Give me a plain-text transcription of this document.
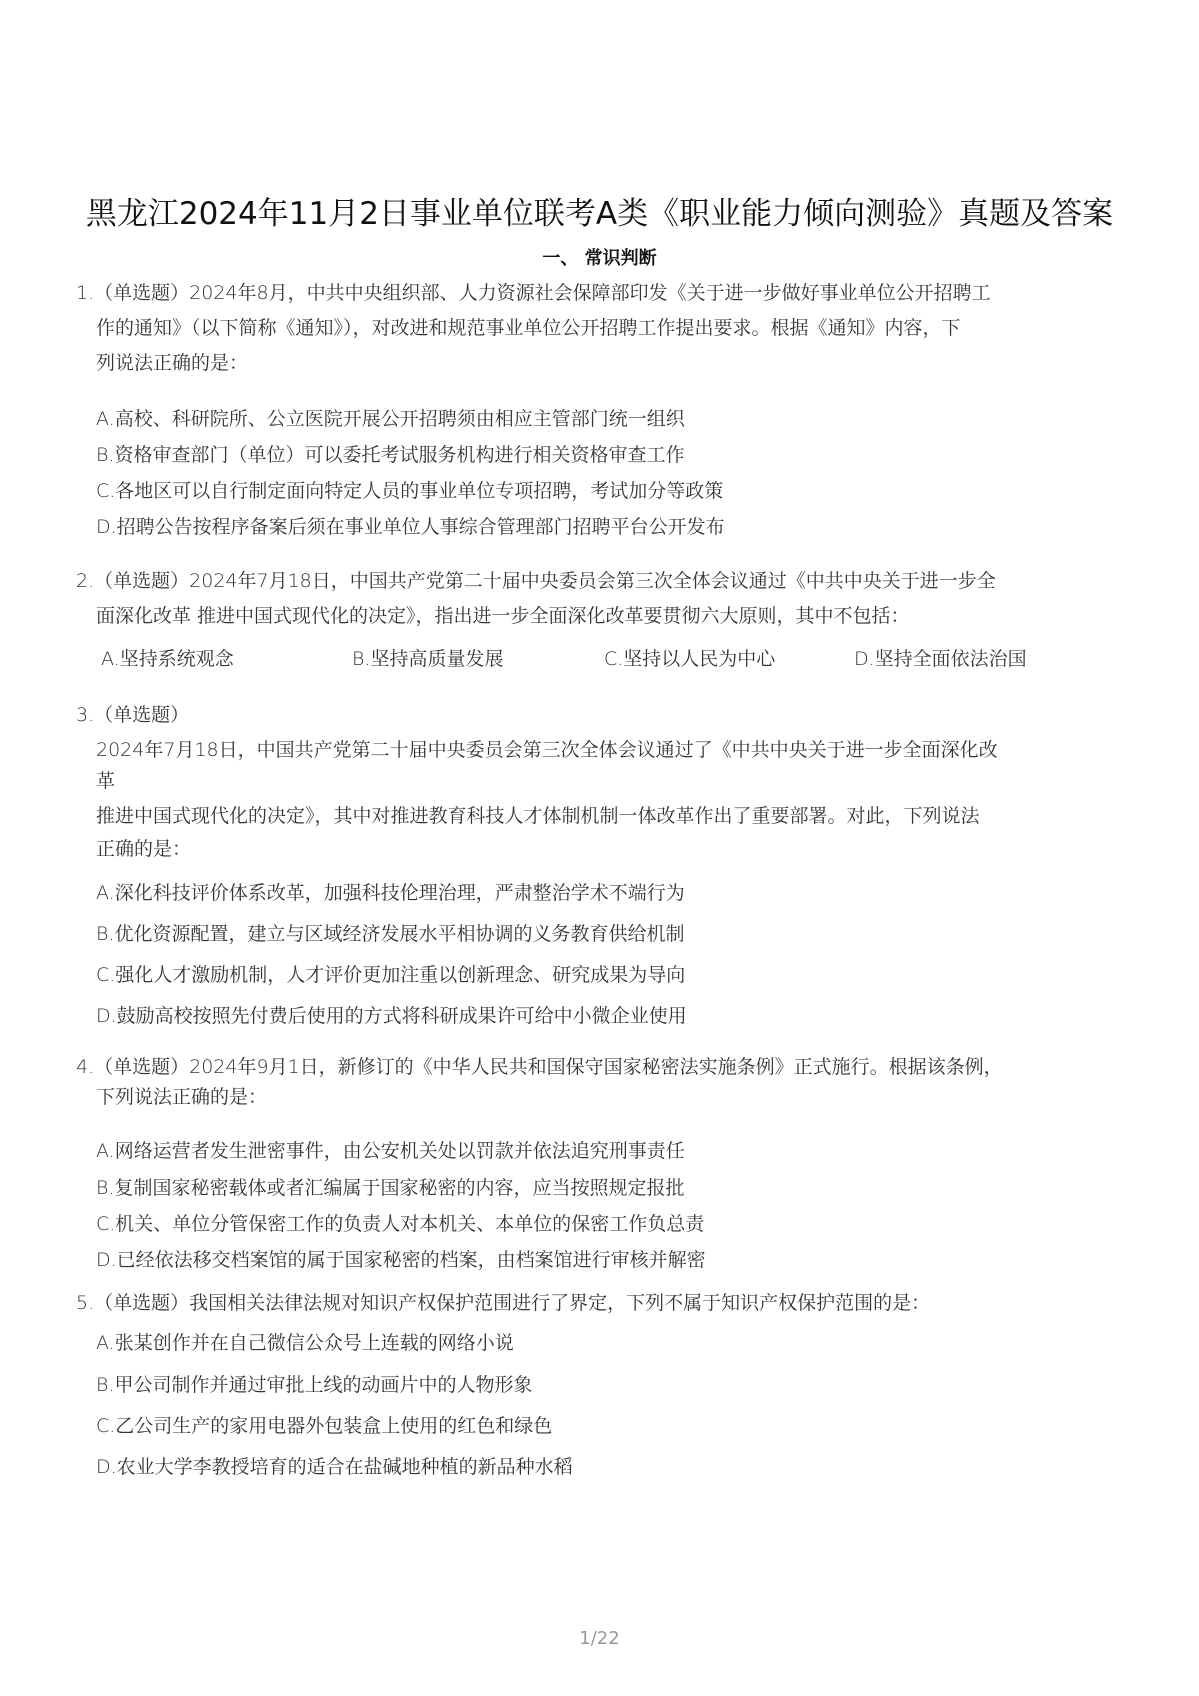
黑龙江2024年11月2日事业单位联考A类《职业能力倾向测验》真题及答案
一、 常识判断
1.（单选题）2024年8月，中共中央组织部、人力资源社会保障部印发《关于进一步做好事业单位公开招聘工
作的通知》（以下简称《通知》），对改进和规范事业单位公开招聘工作提出要求。根据《通知》内容，下
列说法正确的是：
A.高校、科研院所、公立医院开展公开招聘须由相应主管部门统一组织
B.资格审查部门（单位）可以委托考试服务机构进行相关资格审查工作
C.各地区可以自行制定面向特定人员的事业单位专项招聘，考试加分等政策
D.招聘公告按程序备案后须在事业单位人事综合管理部门招聘平台公开发布
2.（单选题）2024年7月18日，中国共产党第二十届中央委员会第三次全体会议通过《中共中央关于进一步全
面深化改革 推进中国式现代化的决定》，指出进一步全面深化改革要贯彻六大原则，其中不包括：
A.坚持系统观念	B.坚持高质量发展	C.坚持以人民为中心	D.坚持全面依法治国
3.（单选题）
2024年7月18日，中国共产党第二十届中央委员会第三次全体会议通过了《中共中央关于进一步全面深化改
革
推进中国式现代化的决定》，其中对推进教育科技人才体制机制一体改革作出了重要部署。对此，下列说法
正确的是：
A.深化科技评价体系改革，加强科技伦理治理，严肃整治学术不端行为
B.优化资源配置，建立与区域经济发展水平相协调的义务教育供给机制
C.强化人才激励机制，人才评价更加注重以创新理念、研究成果为导向
D.鼓励高校按照先付费后使用的方式将科研成果许可给中小微企业使用
4.（单选题）2024年9月1日，新修订的《中华人民共和国保守国家秘密法实施条例》正式施行。根据该条例，
下列说法正确的是：
A.网络运营者发生泄密事件，由公安机关处以罚款并依法追究刑事责任
B.复制国家秘密载体或者汇编属于国家秘密的内容，应当按照规定报批
C.机关、单位分管保密工作的负责人对本机关、本单位的保密工作负总责
D.已经依法移交档案馆的属于国家秘密的档案，由档案馆进行审核并解密
5.（单选题）我国相关法律法规对知识产权保护范围进行了界定，下列不属于知识产权保护范围的是：
A.张某创作并在自己微信公众号上连载的网络小说
B.甲公司制作并通过审批上线的动画片中的人物形象
C.乙公司生产的家用电器外包装盒上使用的红色和绿色
D.农业大学李教授培育的适合在盐碱地种植的新品种水稻
1/22
